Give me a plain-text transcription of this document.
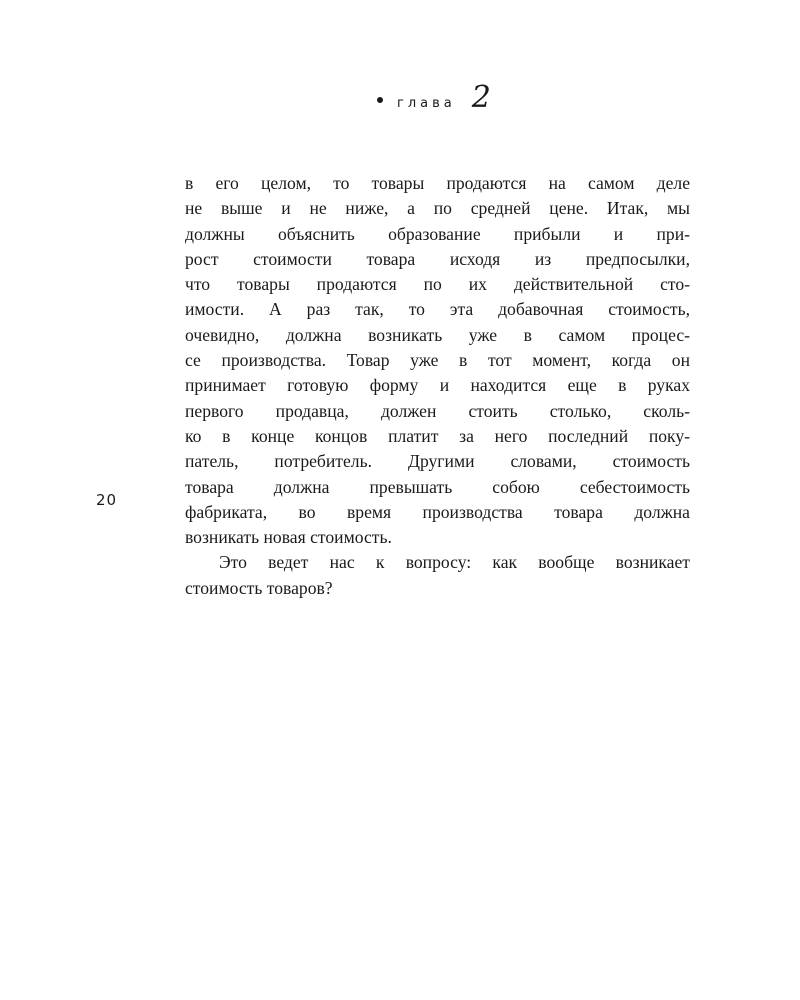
глава 2
20
в его целом, то товары продаются на самом деле
не выше и не ниже, а по средней цене. Итак, мы
должны объяснить образование прибыли и при-
рост стоимости товара исходя из предпосылки,
что товары продаются по их действительной сто-
имости. А раз так, то эта добавочная стоимость,
очевидно, должна возникать уже в самом процес-
се производства. Товар уже в тот момент, когда он
принимает готовую форму и находится еще в руках
первого продавца, должен стоить столько, сколь-
ко в конце концов платит за него последний поку-
патель, потребитель. Другими словами, стоимость
товара должна превышать собою себестоимость
фабриката, во время производства товара должна
возникать новая стоимость.
Это ведет нас к вопросу: как вообще возникает
стоимость товаров?
